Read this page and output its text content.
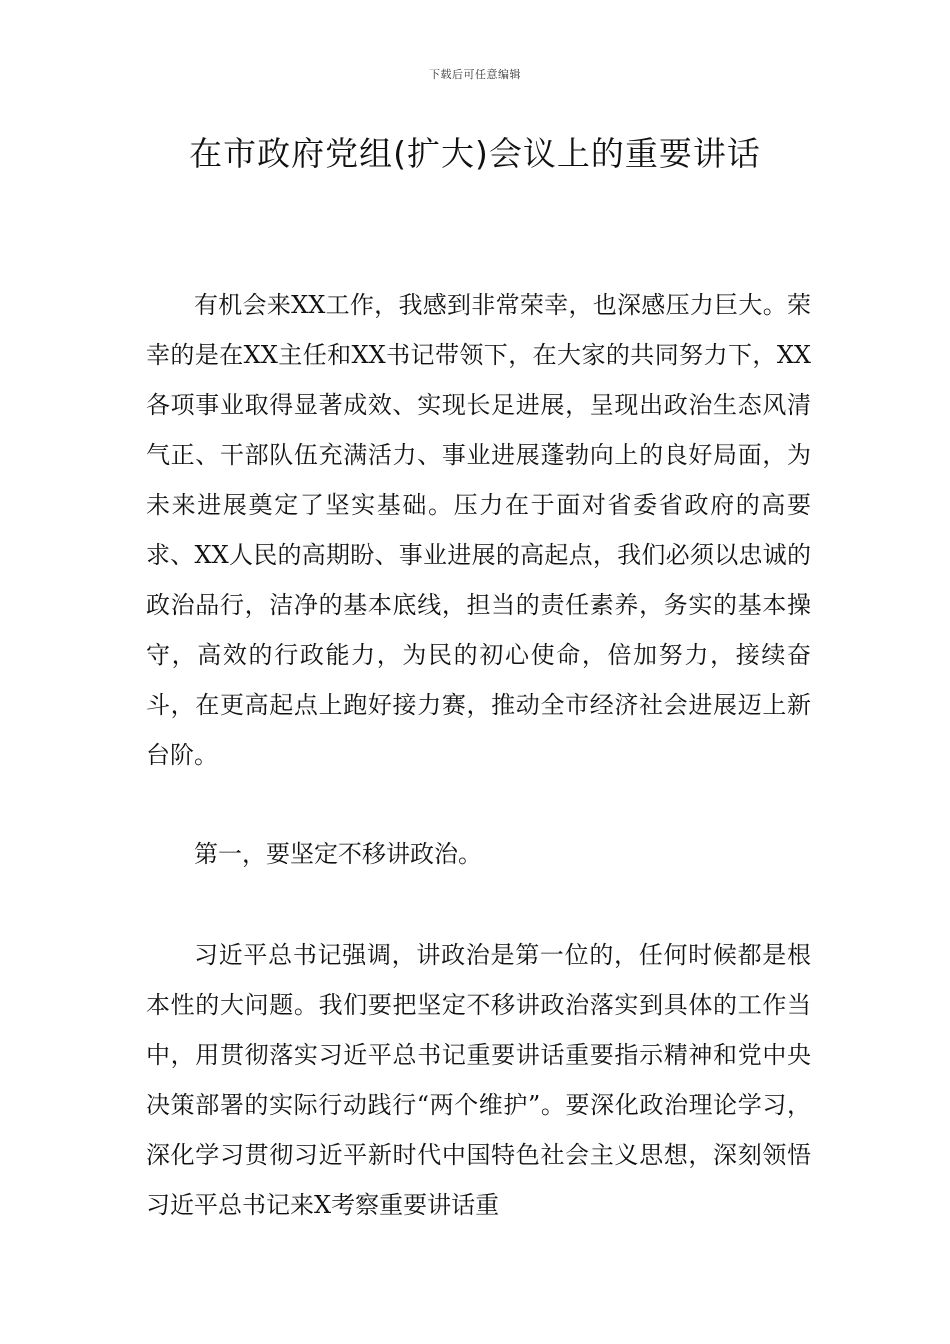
下载后可任意编辑
在市政府党组(扩大)会议上的重要讲话

有机会来XX工作，我感到非常荣幸，也深感压力巨大。荣幸的是在XX主任和XX书记带领下，在大家的共同努力下，XX各项事业取得显著成效、实现长足进展，呈现出政治生态风清气正、干部队伍充满活力、事业进展蓬勃向上的良好局面，为未来进展奠定了坚实基础。压力在于面对省委省政府的高要求、XX人民的高期盼、事业进展的高起点，我们必须以忠诚的政治品行，洁净的基本底线，担当的责任素养，务实的基本操守，高效的行政能力，为民的初心使命，倍加努力，接续奋斗，在更高起点上跑好接力赛，推动全市经济社会进展迈上新台阶。

第一，要坚定不移讲政治。

习近平总书记强调，讲政治是第一位的，任何时候都是根本性的大问题。我们要把坚定不移讲政治落实到具体的工作当中，用贯彻落实习近平总书记重要讲话重要指示精神和党中央决策部署的实际行动践行“两个维护”。要深化政治理论学习，深化学习贯彻习近平新时代中国特色社会主义思想，深刻领悟习近平总书记来X考察重要讲话重
